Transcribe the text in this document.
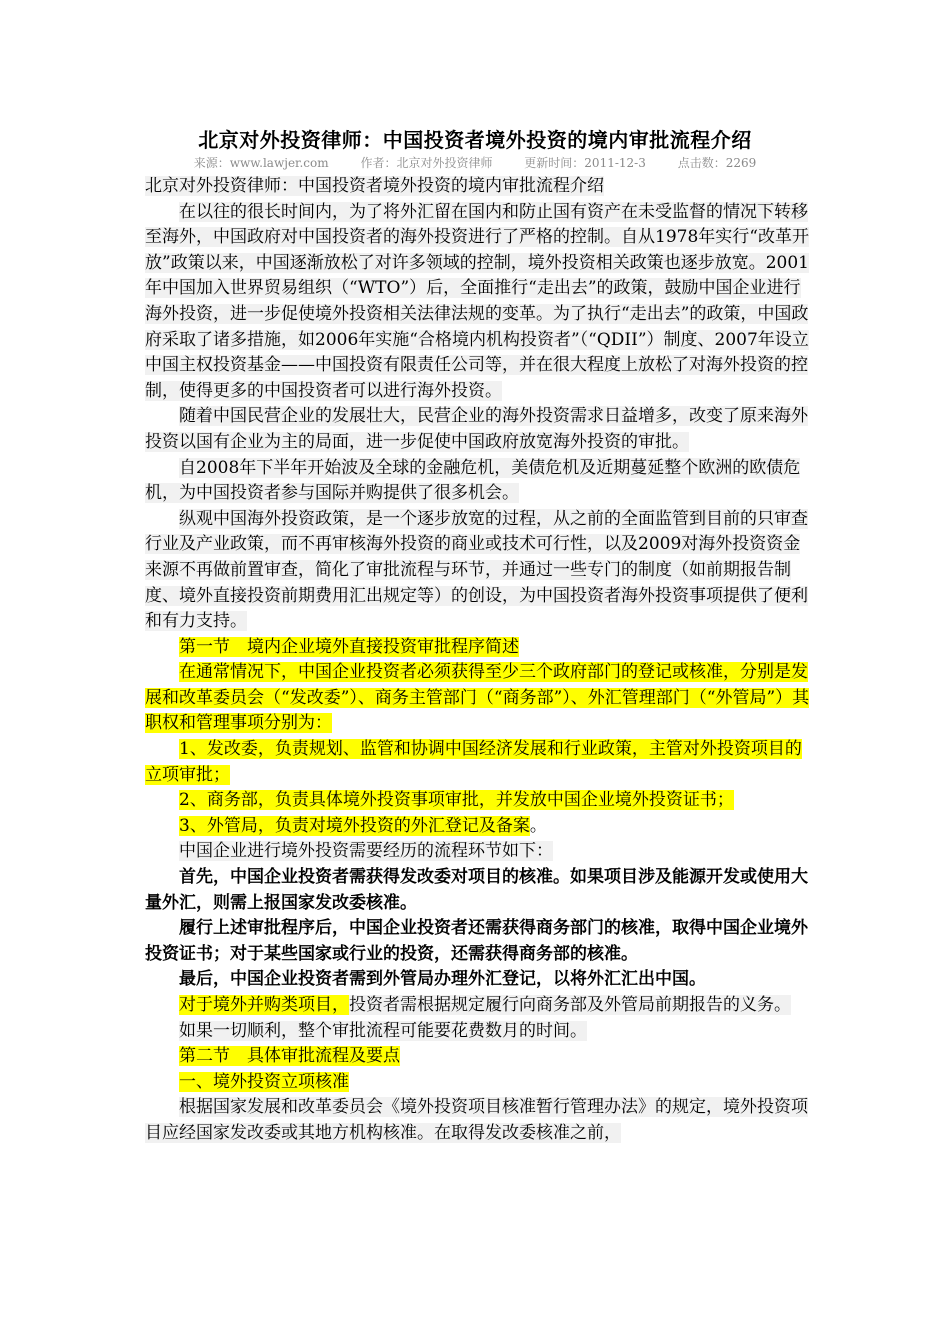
北京对外投资律师：中国投资者境外投资的境内审批流程介绍
来源：www.lawjer.com	作者：北京对外投资律师	更新时间：2011-12-3	点击数：2269

北京对外投资律师：中国投资者境外投资的境内审批流程介绍

在以往的很长时间内，为了将外汇留在国内和防止国有资产在未受监督的情况下转移至海外，中国政府对中国投资者的海外投资进行了严格的控制。自从1978年实行“改革开放”政策以来，中国逐渐放松了对许多领域的控制，境外投资相关政策也逐步放宽。2001年中国加入世界贸易组织（“WTO”）后，全面推行“走出去”的政策，鼓励中国企业进行海外投资，进一步促使境外投资相关法律法规的变革。为了执行“走出去”的政策，中国政府采取了诸多措施，如2006年实施“合格境内机构投资者”（“QDII”）制度、2007年设立中国主权投资基金——中国投资有限责任公司等，并在很大程度上放松了对海外投资的控制，使得更多的中国投资者可以进行海外投资。

随着中国民营企业的发展壮大，民营企业的海外投资需求日益增多，改变了原来海外投资以国有企业为主的局面，进一步促使中国政府放宽海外投资的审批。

自2008年下半年开始波及全球的金融危机，美债危机及近期蔓延整个欧洲的欧债危机，为中国投资者参与国际并购提供了很多机会。

纵观中国海外投资政策，是一个逐步放宽的过程，从之前的全面监管到目前的只审查行业及产业政策，而不再审核海外投资的商业或技术可行性，以及2009对海外投资资金来源不再做前置审查，简化了审批流程与环节，并通过一些专门的制度（如前期报告制度、境外直接投资前期费用汇出规定等）的创设，为中国投资者海外投资事项提供了便利和有力支持。

第一节　境内企业境外直接投资审批程序简述

在通常情况下，中国企业投资者必须获得至少三个政府部门的登记或核准，分别是发展和改革委员会（“发改委”）、商务主管部门（“商务部”）、外汇管理部门（“外管局”）其职权和管理事项分别为：

1、发改委，负责规划、监管和协调中国经济发展和行业政策，主管对外投资项目的立项审批；

2、商务部，负责具体境外投资事项审批，并发放中国企业境外投资证书；

3、外管局，负责对境外投资的外汇登记及备案。

中国企业进行境外投资需要经历的流程环节如下：

首先，中国企业投资者需获得发改委对项目的核准。如果项目涉及能源开发或使用大量外汇，则需上报国家发改委核准。

履行上述审批程序后，中国企业投资者还需获得商务部门的核准，取得中国企业境外投资证书；对于某些国家或行业的投资，还需获得商务部的核准。

最后，中国企业投资者需到外管局办理外汇登记，以将外汇汇出中国。

对于境外并购类项目，投资者需根据规定履行向商务部及外管局前期报告的义务。

如果一切顺利，整个审批流程可能要花费数月的时间。

第二节　具体审批流程及要点

一、境外投资立项核准

根据国家发展和改革委员会《境外投资项目核准暂行管理办法》的规定，境外投资项目应经国家发改委或其地方机构核准。在取得发改委核准之前，
